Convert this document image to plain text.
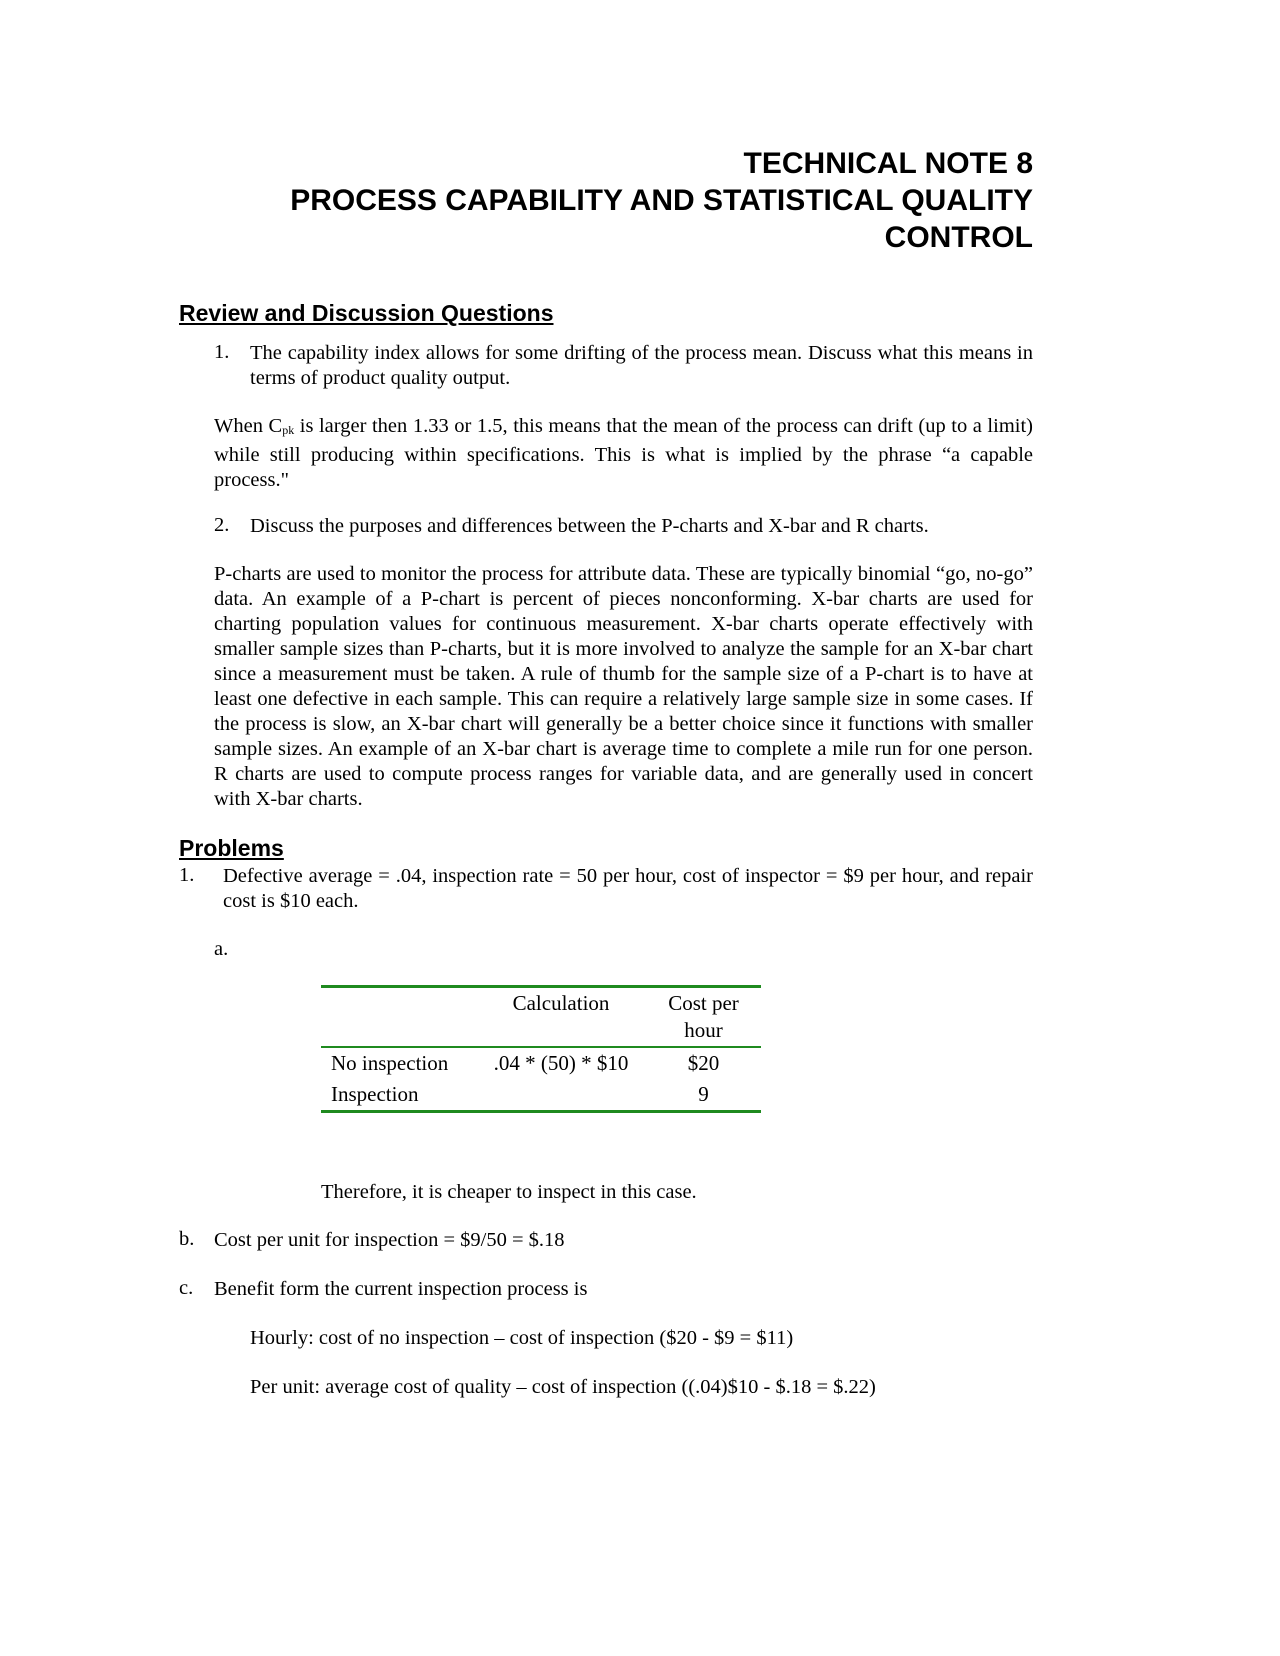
TECHNICAL NOTE 8
PROCESS CAPABILITY AND STATISTICAL QUALITY
CONTROL
Review and Discussion Questions
1. The capability index allows for some drifting of the process mean. Discuss what this means in terms of product quality output.
When $C_{pk}$ is larger then 1.33 or 1.5, this means that the mean of the process can drift (up to a limit) while still producing within specifications. This is what is implied by the phrase “a capable process."
2. Discuss the purposes and differences between the P-charts and X-bar and R charts.
P-charts are used to monitor the process for attribute data. These are typically binomial “go, no-go” data. An example of a P-chart is percent of pieces nonconforming. X-bar charts are used for charting population values for continuous measurement. X-bar charts operate effectively with smaller sample sizes than P-charts, but it is more involved to analyze the sample for an X-bar chart since a measurement must be taken. A rule of thumb for the sample size of a P-chart is to have at least one defective in each sample. This can require a relatively large sample size in some cases. If the process is slow, an X-bar chart will generally be a better choice since it functions with smaller sample sizes. An example of an X-bar chart is average time to complete a mile run for one person. R charts are used to compute process ranges for variable data, and are generally used in concert with X-bar charts.
Problems
1. Defective average = .04, inspection rate = 50 per hour, cost of inspector = $9 per hour, and repair cost is $10 each.
a.
	Calculation	Cost per hour
No inspection	.04 * (50) * $10	$20
Inspection		9
Therefore, it is cheaper to inspect in this case.
b. Cost per unit for inspection = $9/50 = $.18
c. Benefit form the current inspection process is
Hourly: cost of no inspection – cost of inspection ($20 - $9 = $11)
Per unit: average cost of quality – cost of inspection ((.04)$10 - $.18 = $.22)
